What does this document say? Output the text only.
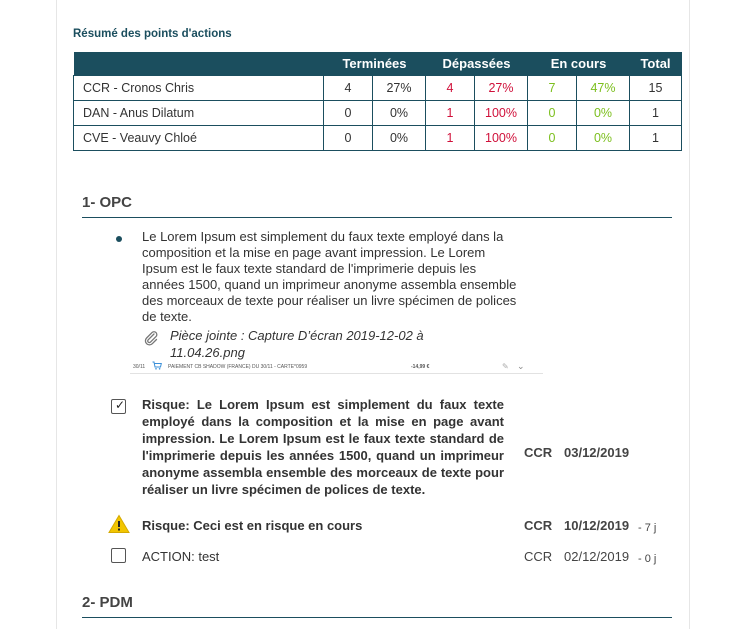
Résumé des points d'actions
	Terminées		Dépassées		En cours		Total
CCR - Cronos Chris	4	27%	4	27%	7	47%	15
DAN - Anus Dilatum	0	0%	1	100%	0	0%	1
CVE - Veauvy Chloé	0	0%	1	100%	0	0%	1
1- OPC
Le Lorem Ipsum est simplement du faux texte employé dans la composition et la mise en page avant impression. Le Lorem Ipsum est le faux texte standard de l'imprimerie depuis les années 1500, quand un imprimeur anonyme assembla ensemble des morceaux de texte pour réaliser un livre spécimen de polices de texte.
Pièce jointe : Capture D’écran 2019-12-02 à 11.04.26.png
30/11	PAIEMENT CB SHADOW (FRANCE) DU 30/11 - CARTE*0959	-14,99 €	✎ ⌄
✓ Risque: Le Lorem Ipsum est simplement du faux texte employé dans la composition et la mise en page avant impression. Le Lorem Ipsum est le faux texte standard de l'imprimerie depuis les années 1500, quand un imprimeur anonyme assembla ensemble des morceaux de texte pour réaliser un livre spécimen de polices de texte.
CCR 03/12/2019
Risque: Ceci est en risque en cours	CCR 10/12/2019 - 7 j
ACTION: test	CCR 02/12/2019 - 0 j
2- PDM
